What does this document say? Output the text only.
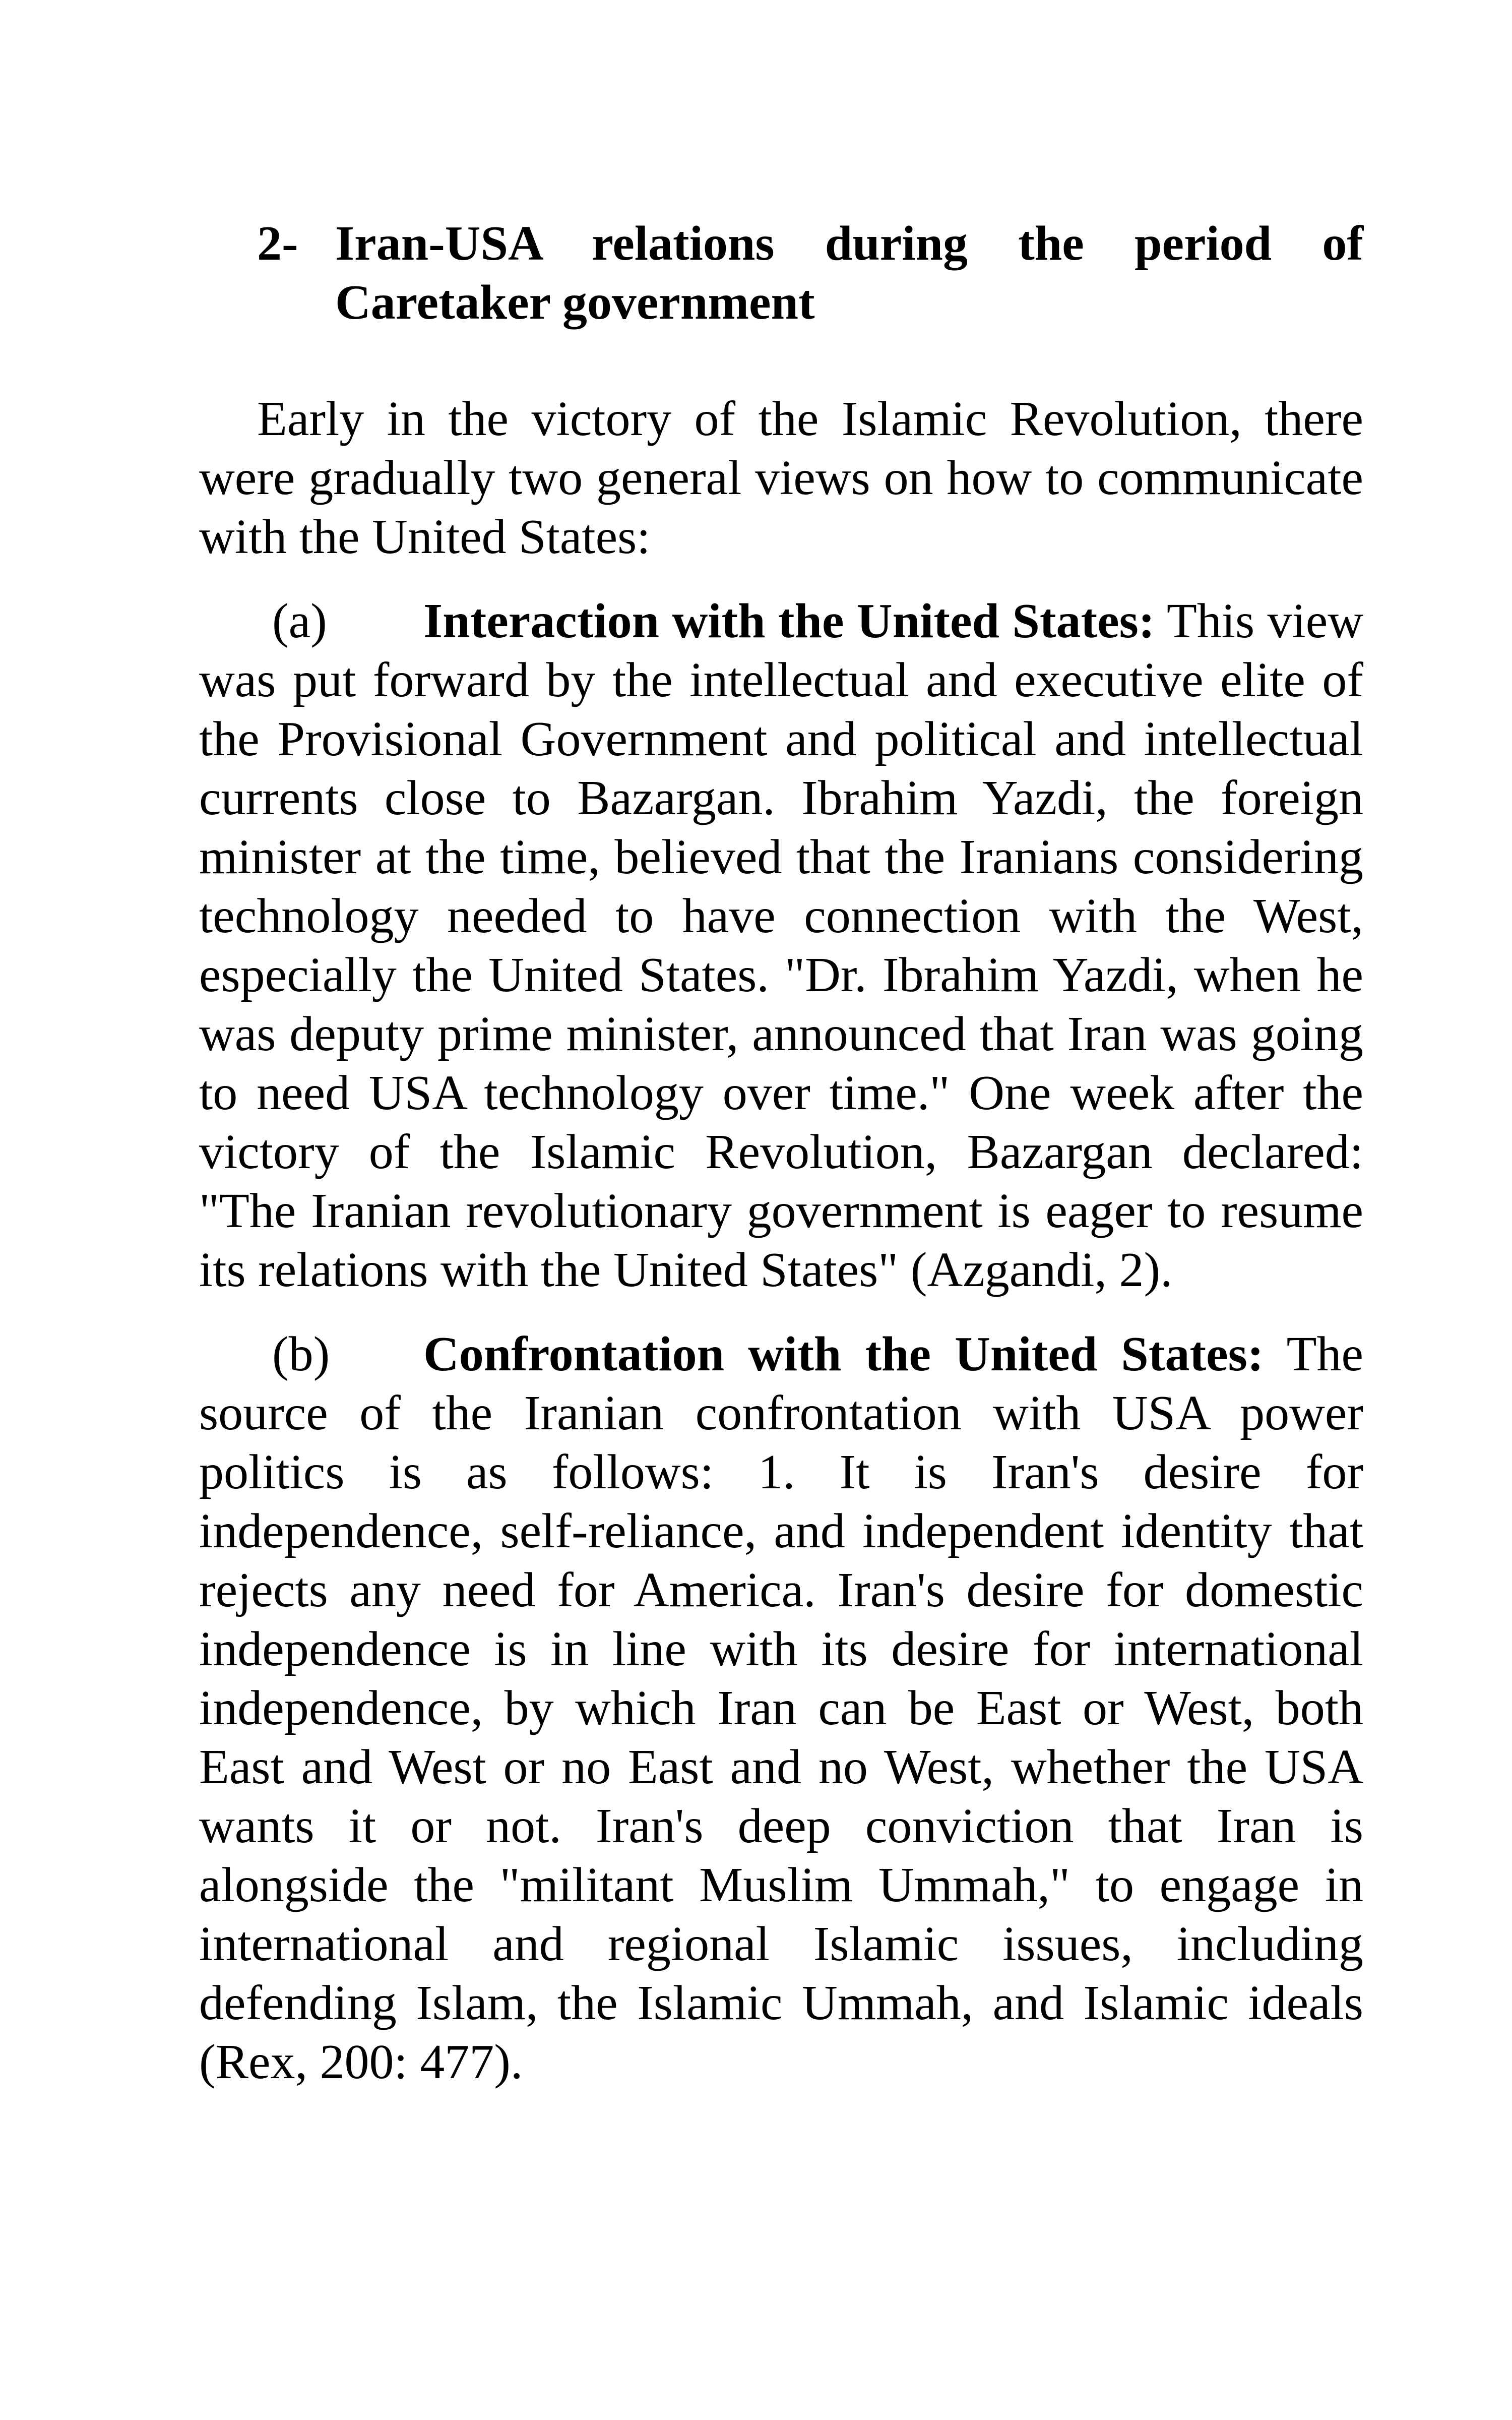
2- Iran-USA relations during the period of Caretaker government

Early in the victory of the Islamic Revolution, there were gradually two general views on how to communicate with the United States:

(a) Interaction with the United States: This view was put forward by the intellectual and executive elite of the Provisional Government and political and intellectual currents close to Bazargan. Ibrahim Yazdi, the foreign minister at the time, believed that the Iranians considering technology needed to have connection with the West, especially the United States. "Dr. Ibrahim Yazdi, when he was deputy prime minister, announced that Iran was going to need USA technology over time." One week after the victory of the Islamic Revolution, Bazargan declared: "The Iranian revolutionary government is eager to resume its relations with the United States" (Azgandi, 2).

(b) Confrontation with the United States: The source of the Iranian confrontation with USA power politics is as follows: 1. It is Iran's desire for independence, self-reliance, and independent identity that rejects any need for America. Iran's desire for domestic independence is in line with its desire for international independence, by which Iran can be East or West, both East and West or no East and no West, whether the USA wants it or not. Iran's deep conviction that Iran is alongside the "militant Muslim Ummah," to engage in international and regional Islamic issues, including defending Islam, the Islamic Ummah, and Islamic ideals (Rex, 200: 477).
